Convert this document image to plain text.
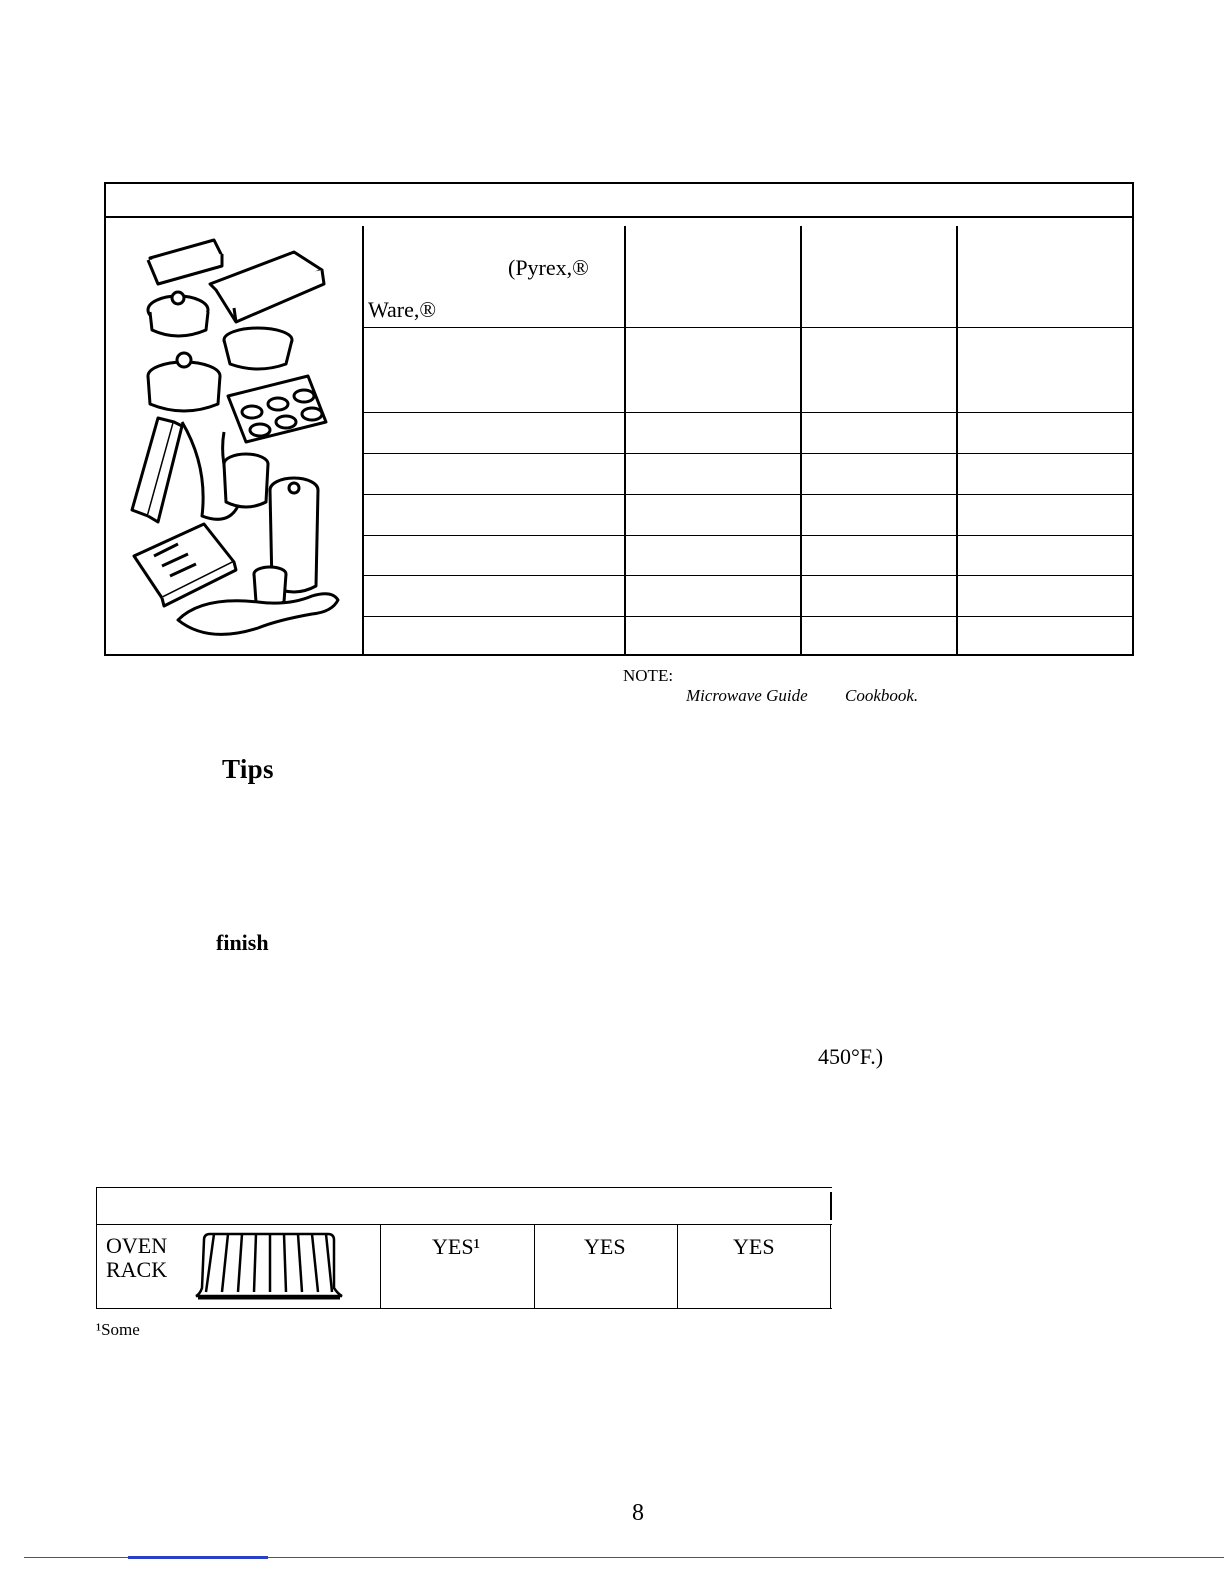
(Pyrex,®
Ware,®
NOTE:
Microwave Guide Cookbook.
Tips
finish
450°F.)
OVEN
RACK
YES¹	YES	YES
¹Some
8
